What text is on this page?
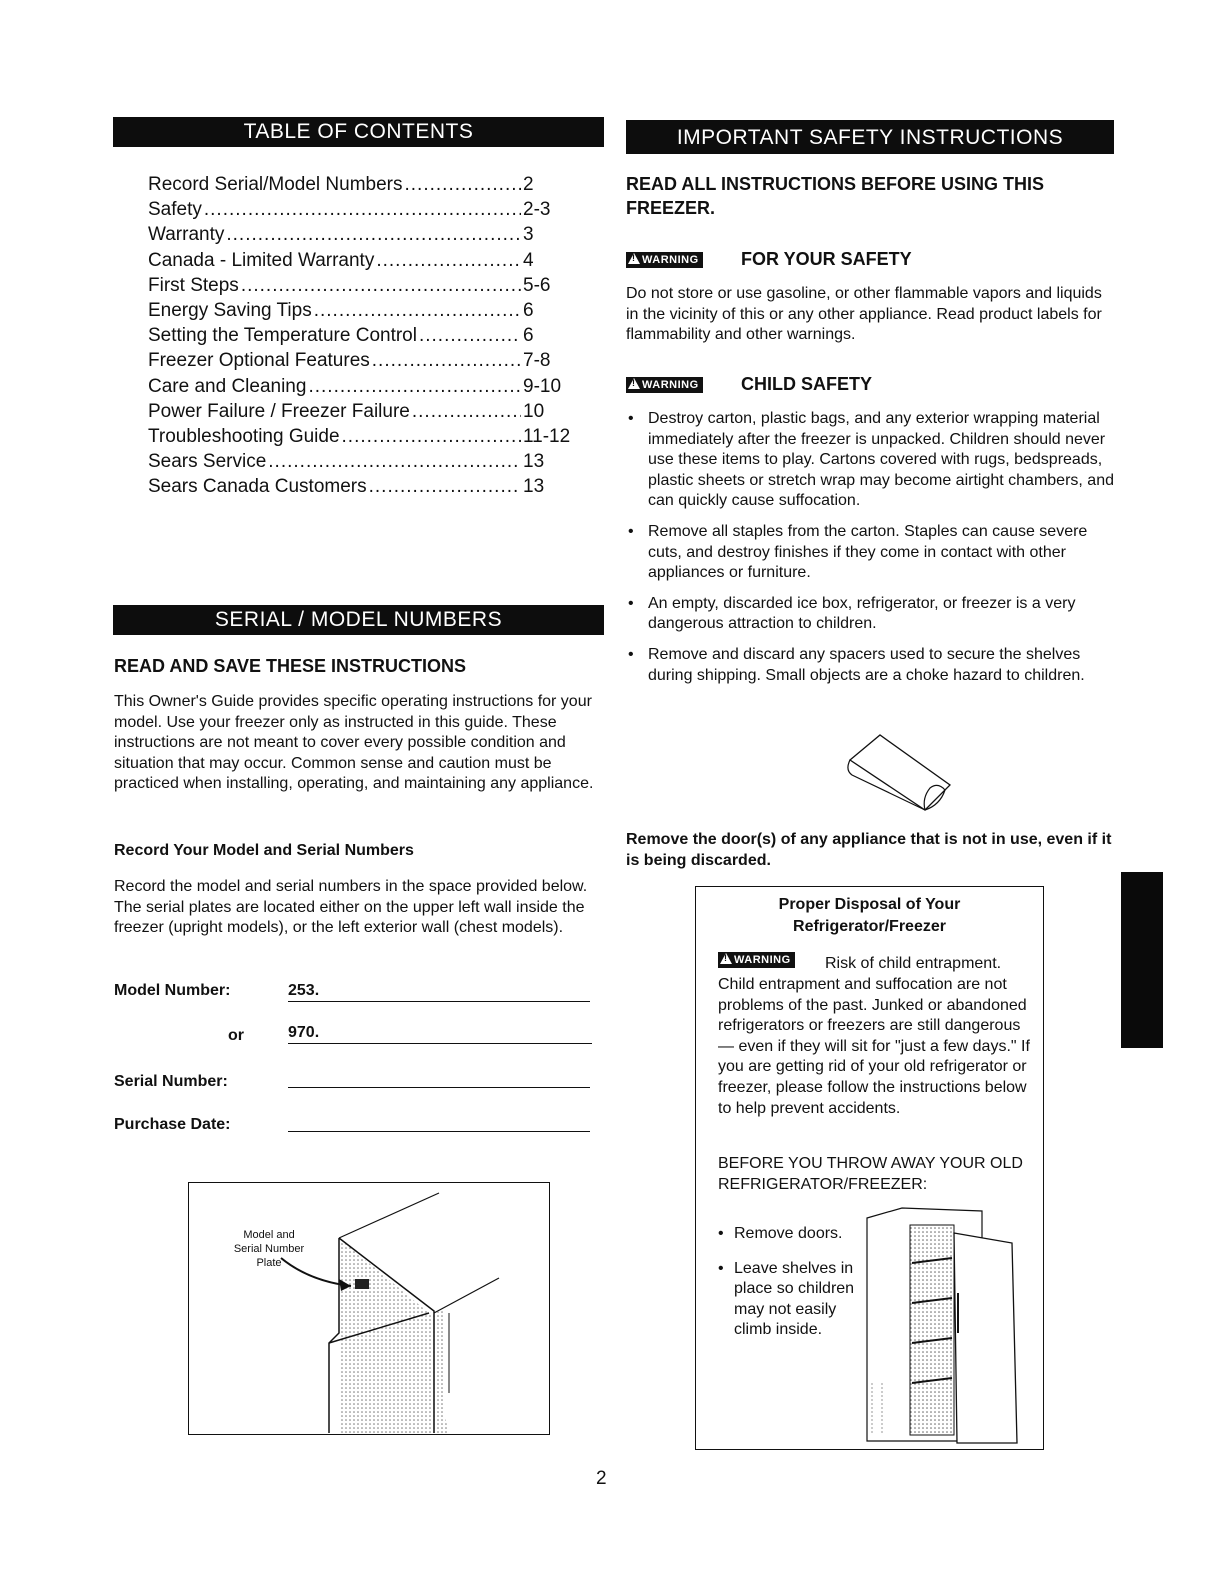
TABLE OF CONTENTS
SERIAL / MODEL NUMBERS
IMPORTANT SAFETY INSTRUCTIONS
Record Serial/Model Numbers .....	2
Safety .....	2-3
Warranty .....	3
Canada - Limited Warranty .....	4
First Steps .....	5-6
Energy Saving Tips .....	6
Setting the Temperature Control .....	6
Freezer Optional Features .....	7-8
Care and Cleaning .....	9-10
Power Failure / Freezer Failure .....	10
Troubleshooting Guide .....	11-12
Sears Service .....	13
Sears Canada Customers .....	13
READ AND SAVE THESE INSTRUCTIONS
This Owner's Guide provides specific operating instructions for your model. Use your freezer only as instructed in this guide. These instructions are not meant to cover every possible condition and situation that may occur. Common sense and caution must be practiced when installing, operating, and maintaining any appliance.
Record Your Model and Serial Numbers
Record the model and serial numbers in the space provided below. The serial plates are located either on the upper left wall inside the freezer (upright models), or the left exterior wall (chest models).
Model Number:	253.
or	970.
Serial Number:
Purchase Date:
Model and Serial Number Plate
READ ALL INSTRUCTIONS BEFORE USING THIS FREEZER.
!WARNING FOR YOUR SAFETY
Do not store or use gasoline, or other flammable vapors and liquids in the vicinity of this or any other appliance. Read product labels for flammability and other warnings.
!WARNING CHILD SAFETY
• Destroy carton, plastic bags, and any exterior wrapping material immediately after the freezer is unpacked. Children should never use these items to play. Cartons covered with rugs, bedspreads, plastic sheets or stretch wrap may become airtight chambers, and can quickly cause suffocation.
• Remove all staples from the carton. Staples can cause severe cuts, and destroy finishes if they come in contact with other appliances or furniture.
• An empty, discarded ice box, refrigerator, or freezer is a very dangerous attraction to children.
• Remove and discard any spacers used to secure the shelves during shipping. Small objects are a choke hazard to children.
Remove the door(s) of any appliance that is not in use, even if it is being discarded.
Proper Disposal of Your
Refrigerator/Freezer
!WARNING Risk of child entrapment.
Child entrapment and suffocation are not problems of the past. Junked or abandoned refrigerators or freezers are still dangerous — even if they will sit for "just a few days." If you are getting rid of your old refrigerator or freezer, please follow the instructions below to help prevent accidents.
BEFORE YOU THROW AWAY YOUR OLD REFRIGERATOR/FREEZER:
• Remove doors.
• Leave shelves in place so children may not easily climb inside.
2
